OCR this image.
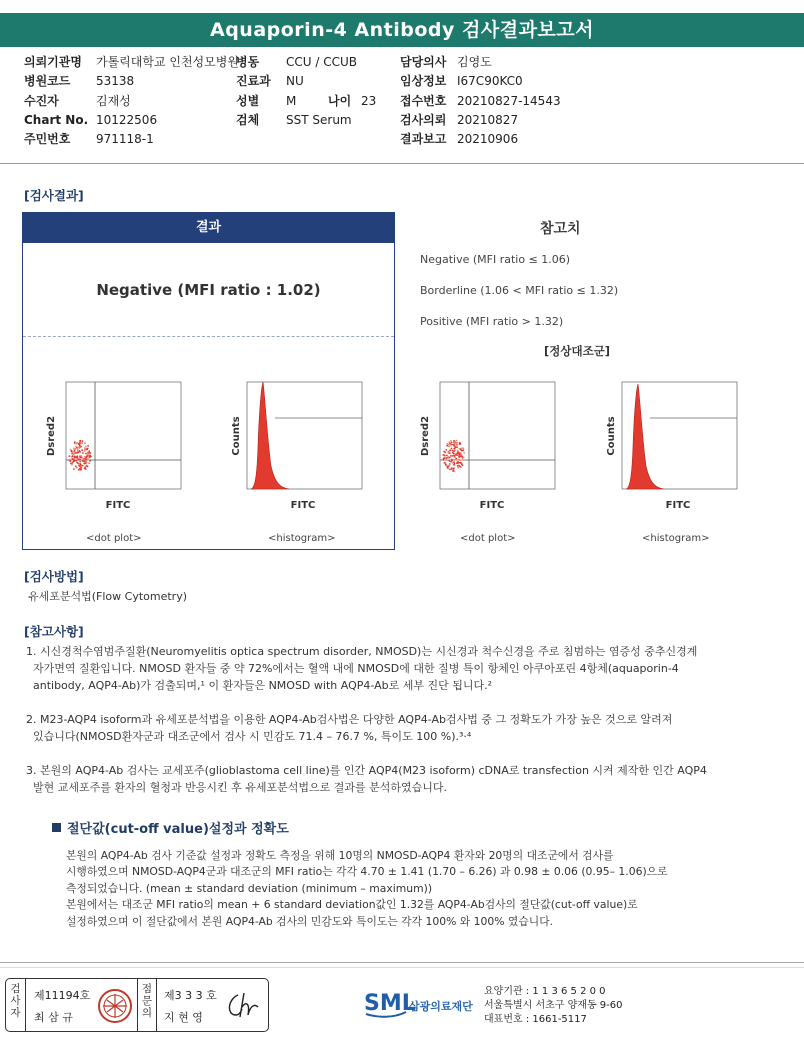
Aquaporin-4 Antibody 검사결과보고서
의뢰기관명 가톨릭대학교 인천성모병원
병원코드 53138
수진자	김재성
Chart No. 10122506
주민번호 971118-1
병동 CCU / CCUB
진료과 NU
성별 M	나이 23
검체 SST Serum
담당의사 김영도
임상정보 I67C90KC0
접수번호 20210827-14543
검사의뢰 20210827
결과보고 20210906
[검사결과]
결과
Negative (MFI ratio : 1.02)
참고치
Negative (MFI ratio ≤ 1.06)
Borderline (1.06 < MFI ratio ≤ 1.32)
Positive (MFI ratio > 1.32)
[정상대조군]
Dsred2
FITC
<dot plot>
Counts
FITC
<histogram>
Dsred2
FITC
<dot plot>
Counts
FITC
<histogram>
[검사방법]
유세포분석법(Flow Cytometry)
[참고사항]
1. 시신경척수염범주질환(Neuromyelitis optica spectrum disorder, NMOSD)는 시신경과 척수신경을 주로 침범하는 염증성 중추신경계
자가면역 질환입니다. NMOSD 환자들 중 약 72%에서는 혈액 내에 NMOSD에 대한 질병 특이 항체인 아쿠아포린 4항체(aquaporin-4
antibody, AQP4-Ab)가 검출되며,¹ 이 환자들은 NMOSD with AQP4-Ab로 세부 진단 됩니다.²
2. M23-AQP4 isoform과 유세포분석법을 이용한 AQP4-Ab검사법은 다양한 AQP4-Ab검사법 중 그 정확도가 가장 높은 것으로 알려져
있습니다(NMOSD환자군과 대조군에서 검사 시 민감도 71.4 – 76.7 %, 특이도 100 %).³·⁴
3. 본원의 AQP4-Ab 검사는 교세포주(glioblastoma cell line)를 인간 AQP4(M23 isoform) cDNA로 transfection 시켜 제작한 인간 AQP4
발현 교세포주를 환자의 혈청과 반응시킨 후 유세포분석법으로 결과를 분석하였습니다.
절단값(cut-off value)설정과 정확도
본원의 AQP4-Ab 검사 기준값 설정과 정확도 측정을 위해 10명의 NMOSD-AQP4 환자와 20명의 대조군에서 검사를
시행하였으며 NMOSD-AQP4군과 대조군의 MFI ratio는 각각 4.70 ± 1.41 (1.70 – 6.26) 과 0.98 ± 0.06 (0.95– 1.06)으로
측정되었습니다. (mean ± standard deviation (minimum – maximum))
본원에서는 대조군 MFI ratio의 mean + 6 standard deviation값인 1.32를 AQP4-Ab검사의 절단값(cut-off value)로
설정하였으며 이 절단값에서 본원 AQP4-Ab 검사의 민감도와 특이도는 각각 100% 와 100% 였습니다.
검
사
자
제11194호
최 삼 규
점
문
의
제3 3 3 호
지 현 영
SML
삼광의료재단
요양기관 : 1 1 3 6 5 2 0 0
서울특별시 서초구 양재동 9-60
대표번호 : 1661-5117
